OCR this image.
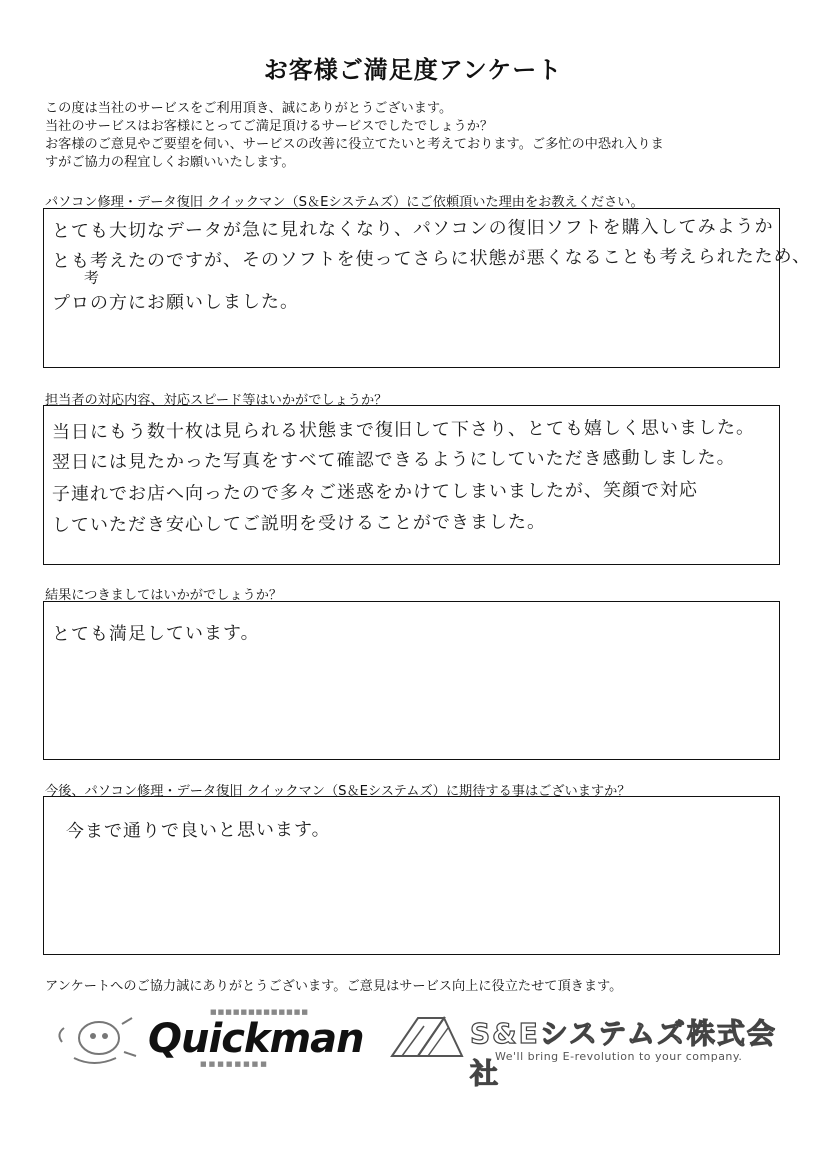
お客様ご満足度アンケート
この度は当社のサービスをご利用頂き、誠にありがとうございます。
当社のサービスはお客様にとってご満足頂けるサービスでしたでしょうか？
お客様のご意見やご要望を伺い、サービスの改善に役立てたいと考えております。ご多忙の中恐れ入りま
すがご協力の程宜しくお願いいたします。
パソコン修理・データ復旧 クイックマン（S＆Eシステムズ）にご依頼頂いた理由をお教えください。
とても大切なデータが急に見れなくなり、パソコンの復旧ソフトを購入してみようか
とも考えたのですが、そのソフトを使ってさらに状態が悪くなることも考えられたため、
考
プロの方にお願いしました。
担当者の対応内容、対応スピード等はいかがでしょうか？
当日にもう数十枚は見られる状態まで復旧して下さり、とても嬉しく思いました。
翌日には見たかった写真をすべて確認できるようにしていただき感動しました。
子連れでお店へ向ったので多々ご迷惑をかけてしまいましたが、笑顔で対応
していただき安心してご説明を受けることができました。
結果につきましてはいかがでしょうか？
とても満足しています。
今後、パソコン修理・データ復旧 クイックマン（S＆Eシステムズ）に期待する事はございますか？
今まで通りで良いと思います。
アンケートへのご協力誠にありがとうございます。ご意見はサービス向上に役立たせて頂きます。
■■■■■■■■■■■■■
Quickman
■■■■■■■■
S&Eシステムズ株式会社
We'll bring E-revolution to your company.
